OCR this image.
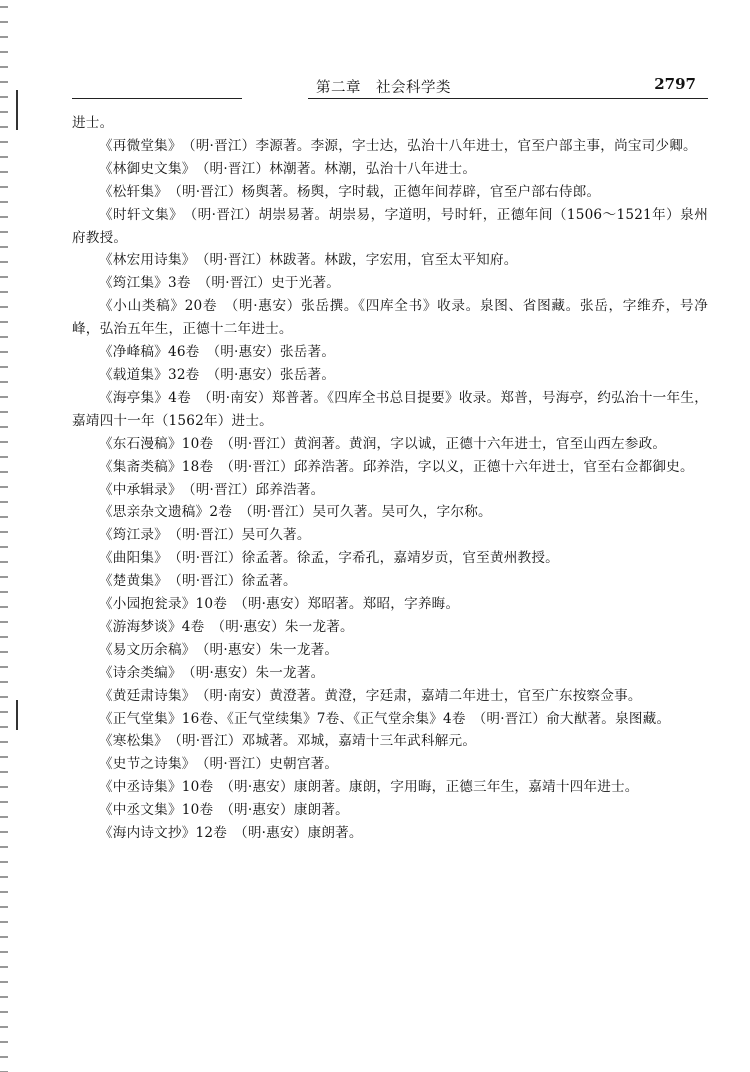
第二章　社会科学类	2797

进士。

《再微堂集》　（明·晋江）李源著。李源，字士达，弘治十八年进士，官至户部主事，尚宝司少卿。

《林御史文集》　（明·晋江）林潮著。林潮，弘治十八年进士。

《松轩集》　（明·晋江）杨舆著。杨舆，字时载，正德年间荐辟，官至户部右侍郎。

《时轩文集》　（明·晋江）胡崇易著。胡崇易，字道明，号时轩，正德年间（1506～1521年）泉州府教授。

《林宏用诗集》　（明·晋江）林跋著。林跋，字宏用，官至太平知府。

《筠江集》3卷　（明·晋江）史于光著。

《小山类稿》20卷　（明·惠安）张岳撰。《四库全书》收录。泉图、省图藏。张岳，字维乔，号净峰，弘治五年生，正德十二年进士。

《净峰稿》46卷　（明·惠安）张岳著。

《载道集》32卷　（明·惠安）张岳著。

《海亭集》4卷　（明·南安）郑普著。《四库全书总目提要》收录。郑普，号海亭，约弘治十一年生，嘉靖四十一年（1562年）进士。

《东石漫稿》10卷　（明·晋江）黄润著。黄润，字以诚，正德十六年进士，官至山西左参政。

《集斋类稿》18卷　（明·晋江）邱养浩著。邱养浩，字以义，正德十六年进士，官至右佥都御史。

《中承辑录》　（明·晋江）邱养浩著。

《思亲杂文遗稿》2卷　（明·晋江）吴可久著。吴可久，字尔称。

《筠江录》　（明·晋江）吴可久著。

《曲阳集》　（明·晋江）徐孟著。徐孟，字希孔，嘉靖岁贡，官至黄州教授。

《楚黄集》　（明·晋江）徐孟著。

《小园抱瓮录》10卷　（明·惠安）郑昭著。郑昭，字养晦。

《游海梦谈》4卷　（明·惠安）朱一龙著。

《易文历余稿》　（明·惠安）朱一龙著。

《诗余类编》　（明·惠安）朱一龙著。

《黄廷肃诗集》　（明·南安）黄澄著。黄澄，字廷肃，嘉靖二年进士，官至广东按察佥事。

《正气堂集》16卷、《正气堂续集》7卷、《正气堂余集》4卷　（明·晋江）俞大猷著。泉图藏。

《寒松集》　（明·晋江）邓城著。邓城，嘉靖十三年武科解元。

《史节之诗集》　（明·晋江）史朝宫著。

《中丞诗集》10卷　（明·惠安）康朗著。康朗，字用晦，正德三年生，嘉靖十四年进士。

《中丞文集》10卷　（明·惠安）康朗著。

《海内诗文抄》12卷　（明·惠安）康朗著。
